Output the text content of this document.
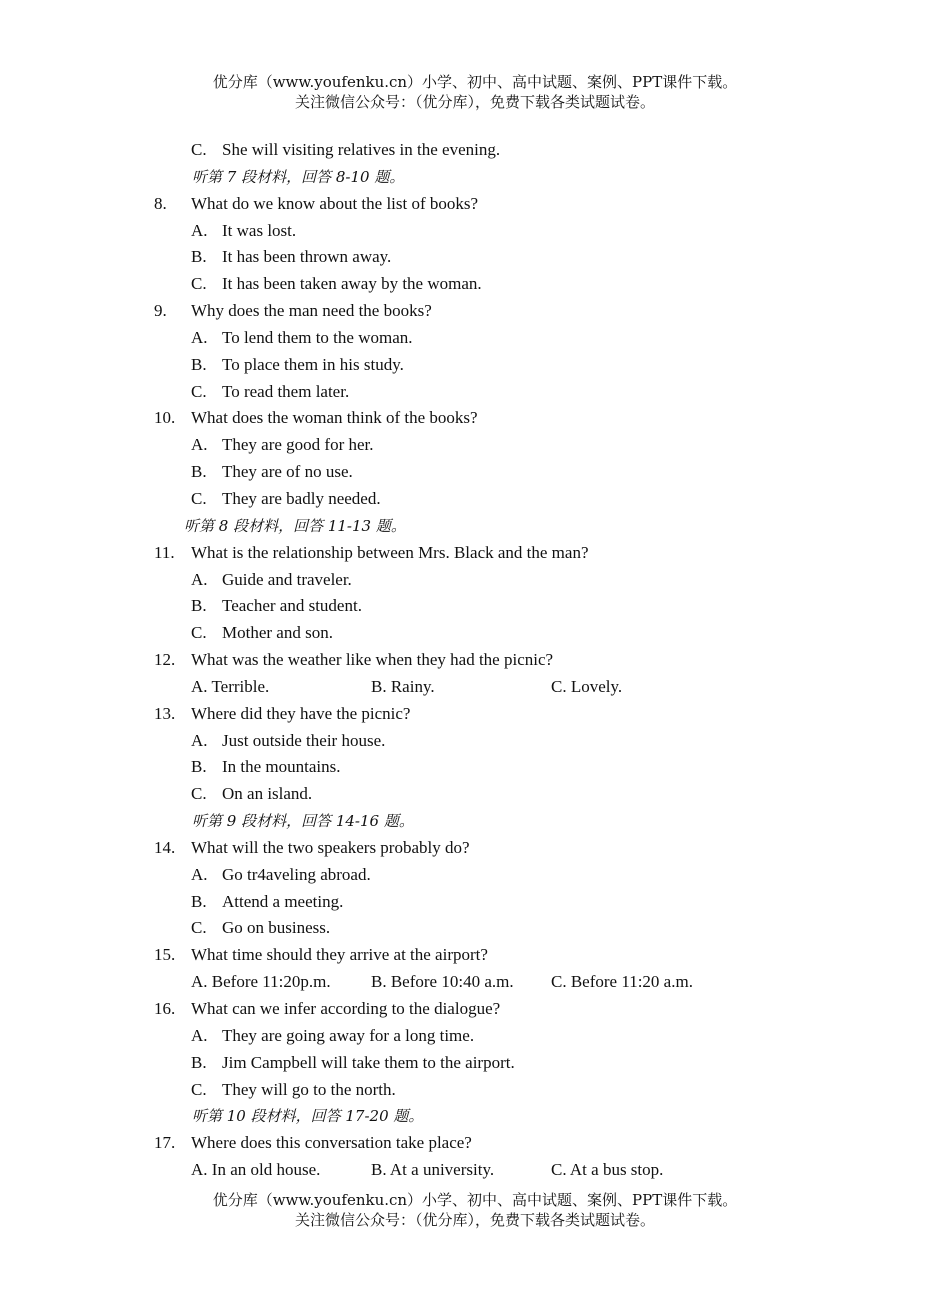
优分库（www.youfenku.cn）小学、初中、高中试题、案例、PPT课件下载。
关注微信公众号：（优分库），免费下载各类试题试卷。
C. She will visiting relatives in the evening.
听第 7 段材料，回答 8-10 题。
8. What do we know about the list of books?
A. It was lost.
B. It has been thrown away.
C. It has been taken away by the woman.
9. Why does the man need the books?
A. To lend them to the woman.
B. To place them in his study.
C. To read them later.
10. What does the woman think of the books?
A. They are good for her.
B. They are of no use.
C. They are badly needed.
听第 8 段材料，回答 11-13 题。
11. What is the relationship between Mrs. Black and the man?
A. Guide and traveler.
B. Teacher and student.
C. Mother and son.
12. What was the weather like when they had the picnic?
A. Terrible.	B. Rainy.	C. Lovely.
13. Where did they have the picnic?
A. Just outside their house.
B. In the mountains.
C. On an island.
听第 9 段材料，回答 14-16 题。
14. What will the two speakers probably do?
A. Go tr4aveling abroad.
B. Attend a meeting.
C. Go on business.
15. What time should they arrive at the airport?
A. Before 11:20p.m. B. Before 10:40 a.m. C. Before 11:20 a.m.
16. What can we infer according to the dialogue?
A. They are going away for a long time.
B. Jim Campbell will take them to the airport.
C. They will go to the north.
听第 10 段材料，回答 17-20 题。
17. Where does this conversation take place?
A. In an old house.	B. At a university.	C. At a bus stop.
优分库（www.youfenku.cn）小学、初中、高中试题、案例、PPT课件下载。
关注微信公众号：（优分库），免费下载各类试题试卷。
